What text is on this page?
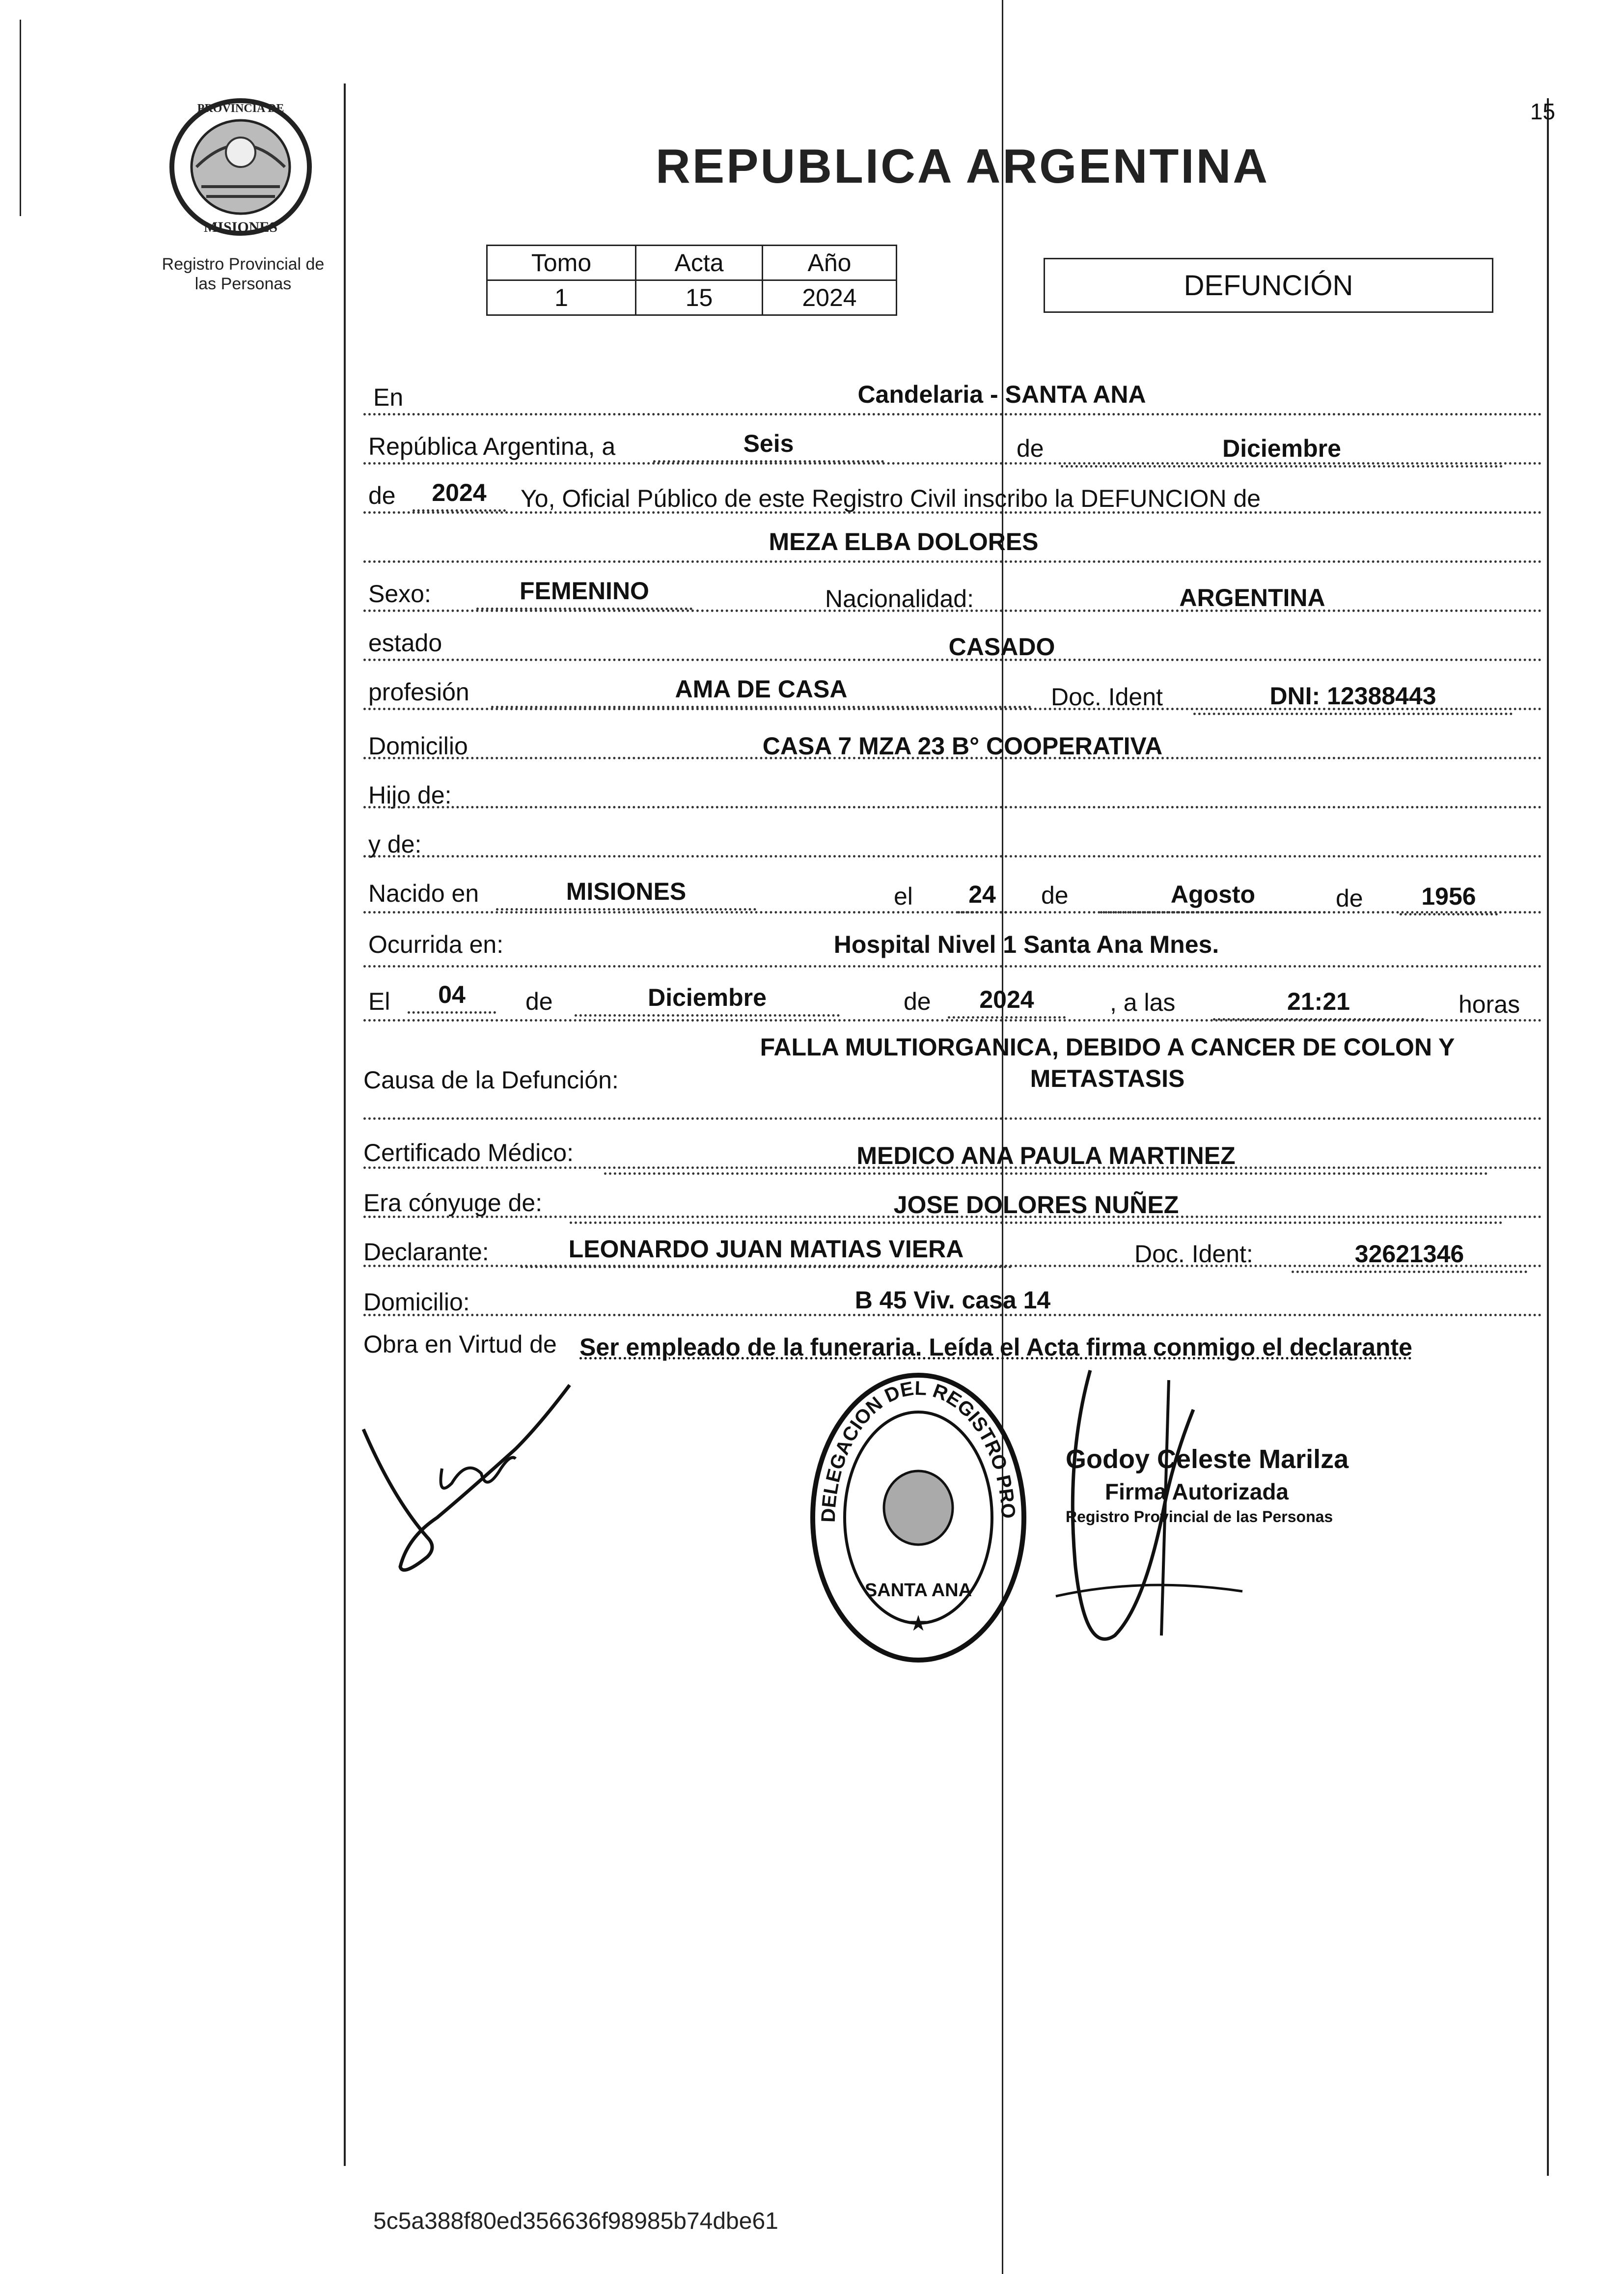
15
PROVINCIA DE
MISIONES
Registro Provincial de
las Personas
REPUBLICA ARGENTINA
Tomo	Acta	Año
1	15	2024	DEFUNCIÓN
En	Candelaria - SANTA ANA
República Argentina, a	Seis	de	Diciembre
de	2024	Yo, Oficial Público de este Registro Civil inscribo la DEFUNCION de
MEZA ELBA DOLORES
Sexo:	FEMENINO	Nacionalidad:	ARGENTINA
estado	CASADO
profesión	AMA DE CASA	Doc. Ident	DNI: 12388443
Domicilio	CASA 7 MZA 23 B° COOPERATIVA
Hijo de:
y de:
Nacido en	MISIONES	el	24	de	Agosto	de	1956
Ocurrida en:	Hospital Nivel 1 Santa Ana Mnes.
El	04	de	Diciembre	de	2024	, a las	21:21	horas
Causa de la Defunción:
FALLA MULTIORGANICA, DEBIDO A CANCER DE COLON Y
METASTASIS
Certificado Médico:	MEDICO ANA PAULA MARTINEZ
Era cónyuge de:	JOSE DOLORES NUÑEZ
Declarante:	LEONARDO JUAN MATIAS VIERA	Doc. Ident:	32621346
Domicilio:	B 45 Viv. casa 14
Obra en Virtud de Ser empleado de la funeraria. Leída el Acta firma conmigo el declarante
DELEGACION DEL REGISTRO PRO
SANTA ANA
★
Godoy Celeste Marilza
Firma Autorizada
Registro Provincial de las Personas
5c5a388f80ed356636f98985b74dbe61
